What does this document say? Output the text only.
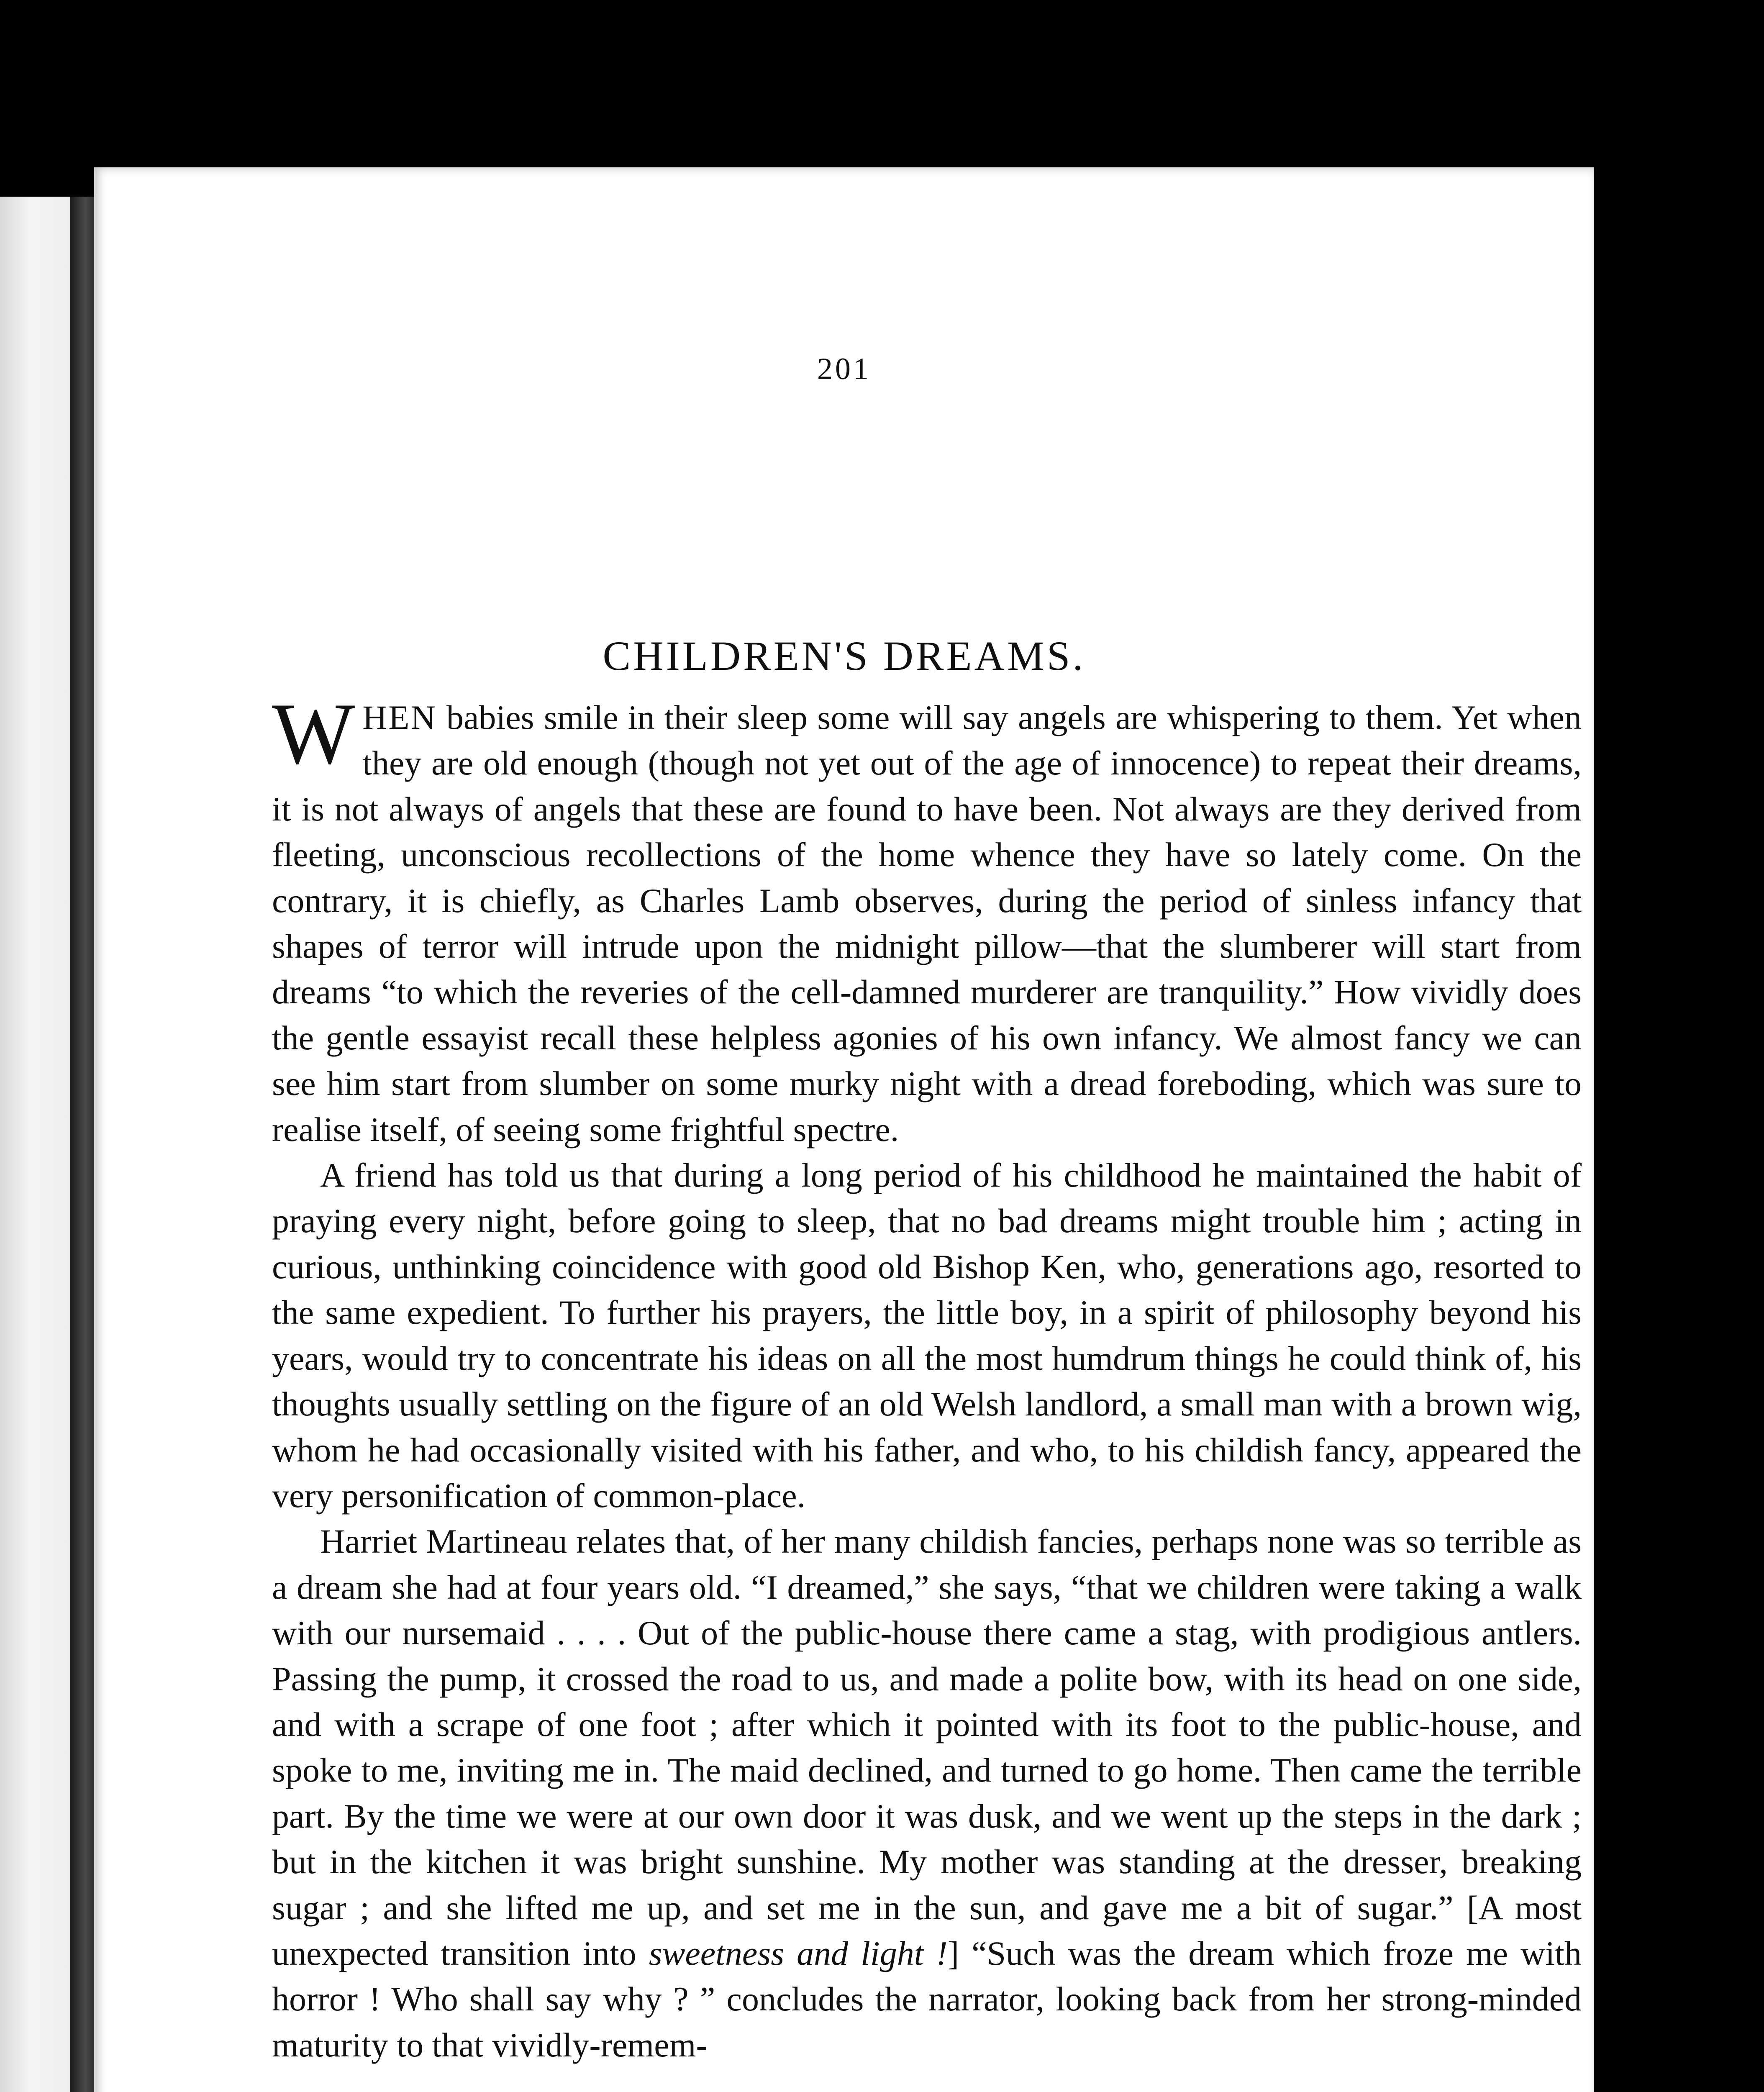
201
CHILDREN'S DREAMS.

WHEN babies smile in their sleep some will say angels are whispering to them. Yet when they are old enough (though not yet out of the age of innocence) to repeat their dreams, it is not always of angels that these are found to have been. Not always are they derived from fleeting, unconscious recollections of the home whence they have so lately come. On the contrary, it is chiefly, as Charles Lamb observes, during the period of sinless infancy that shapes of terror will intrude upon the midnight pillow—that the slumberer will start from dreams “to which the reveries of the cell-damned murderer are tranquility.” How vividly does the gentle essayist recall these helpless agonies of his own infancy. We almost fancy we can see him start from slumber on some murky night with a dread foreboding, which was sure to realise itself, of seeing some frightful spectre.

A friend has told us that during a long period of his childhood he maintained the habit of praying every night, before going to sleep, that no bad dreams might trouble him ; acting in curious, unthinking coincidence with good old Bishop Ken, who, generations ago, resorted to the same expedient. To further his prayers, the little boy, in a spirit of philosophy beyond his years, would try to concentrate his ideas on all the most humdrum things he could think of, his thoughts usually settling on the figure of an old Welsh landlord, a small man with a brown wig, whom he had occasionally visited with his father, and who, to his childish fancy, appeared the very personification of common-place.

Harriet Martineau relates that, of her many childish fancies, perhaps none was so terrible as a dream she had at four years old. “I dreamed,” she says, “that we children were taking a walk with our nursemaid . . . . Out of the public-house there came a stag, with prodigious antlers. Passing the pump, it crossed the road to us, and made a polite bow, with its head on one side, and with a scrape of one foot ; after which it pointed with its foot to the public-house, and spoke to me, inviting me in. The maid declined, and turned to go home. Then came the terrible part. By the time we were at our own door it was dusk, and we went up the steps in the dark ; but in the kitchen it was bright sunshine. My mother was standing at the dresser, breaking sugar ; and she lifted me up, and set me in the sun, and gave me a bit of sugar.” [A most unexpected transition into sweetness and light !] “Such was the dream which froze me with horror ! Who shall say why ? ” concludes the narrator, looking back from her strong-minded maturity to that vividly-remem-
